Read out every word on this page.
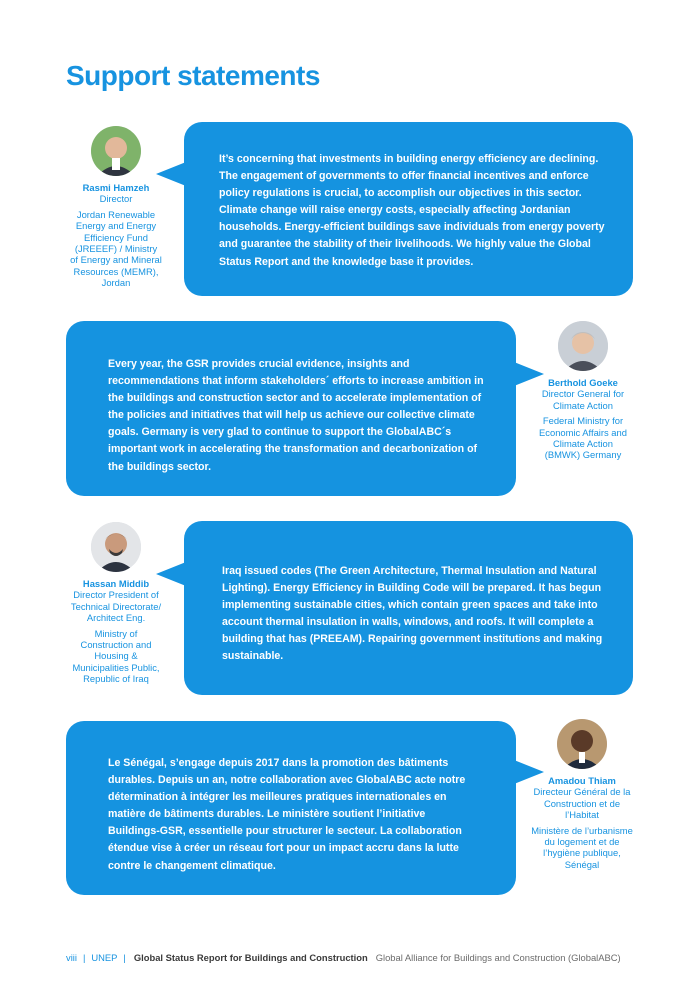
Support statements
Rasmi Hamzeh
Director
Jordan Renewable Energy and Energy Efficiency Fund (JREEEF) / Ministry of Energy and Mineral Resources (MEMR), Jordan

It’s concerning that investments in building energy efficiency are declining. The engagement of governments to offer financial incentives and enforce policy regulations is crucial, to accomplish our objectives in this sector. Climate change will raise energy costs, especially affecting Jordanian households. Energy-efficient buildings save individuals from energy poverty and guarantee the stability of their livelihoods. We highly value the Global Status Report and the knowledge base it provides.

Every year, the GSR provides crucial evidence, insights and recommendations that inform stakeholders´ efforts to increase ambition in the buildings and construction sector and to accelerate implementation of the policies and initiatives that will help us achieve our collective climate goals. Germany is very glad to continue to support the GlobalABC´s important work in accelerating the transformation and decarbonization of the buildings sector.

Berthold Goeke
Director General for Climate Action
Federal Ministry for Economic Affairs and Climate Action (BMWK) Germany
Hassan Middib
Director President of Technical Directorate/ Architect Eng.
Ministry of Construction and Housing & Municipalities Public, Republic of Iraq

Iraq issued codes (The Green Architecture, Thermal Insulation and Natural Lighting). Energy Efficiency in Building Code will be prepared. It has begun implementing sustainable cities, which contain green spaces and take into account thermal insulation in walls, windows, and roofs. It will complete a building that has (PREEAM). Repairing government institutions and making sustainable.

Le Sénégal, s’engage depuis 2017 dans la promotion des bâtiments durables. Depuis un an, notre collaboration avec GlobalABC acte notre détermination à intégrer les meilleures pratiques internationales en matière de bâtiments durables. Le ministère soutient l’initiative Buildings-GSR, essentielle pour structurer le secteur. La collaboration étendue vise à créer un réseau fort pour un impact accru dans la lutte contre le changement climatique.

Amadou Thiam
Directeur Général de la Construction et de l’Habitat
Ministère de l’urbanisme du logement et de l’hygiène publique, Sénégal
viii | UNEP | Global Status Report for Buildings and Construction Global Alliance for Buildings and Construction (GlobalABC)
